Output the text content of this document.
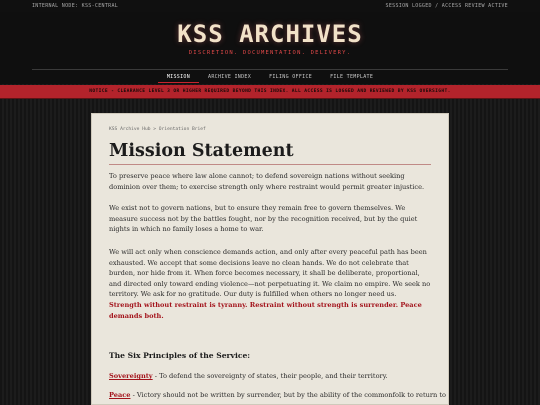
INTERNAL NODE: KSS-CENTRAL	SESSION LOGGED / ACCESS REVIEW ACTIVE
KSS ARCHIVES
DISCRETION. DOCUMENTATION. DELIVERY.
MISSION	ARCHIVE INDEX	FILING OFFICE	FILE TEMPLATE
NOTICE - CLEARANCE LEVEL 3 OR HIGHER REQUIRED BEYOND THIS INDEX. ALL ACCESS IS LOGGED AND REVIEWED BY KSS OVERSIGHT.
KSS Archive Hub > Orientation Brief
Mission Statement

To preserve peace where law alone cannot; to defend sovereign nations without seeking dominion over them; to exercise strength only where restraint would permit greater injustice.

We exist not to govern nations, but to ensure they remain free to govern themselves. We measure success not by the battles fought, nor by the recognition received, but by the quiet nights in which no family loses a home to war.

We will act only when conscience demands action, and only after every peaceful path has been exhausted. We accept that some decisions leave no clean hands. We do not celebrate that burden, nor hide from it. When force becomes necessary, it shall be deliberate, proportional, and directed only toward ending violence—not perpetuating it. We claim no empire. We seek no territory. We ask for no gratitude. Our duty is fulfilled when others no longer need us. Strength without restraint is tyranny. Restraint without strength is surrender. Peace demands both.

The Six Principles of the Service:
Sovereignty - To defend the sovereignty of states, their people, and their territory.
Peace - Victory should not be written by surrender, but by the ability of the commonfolk to return to
